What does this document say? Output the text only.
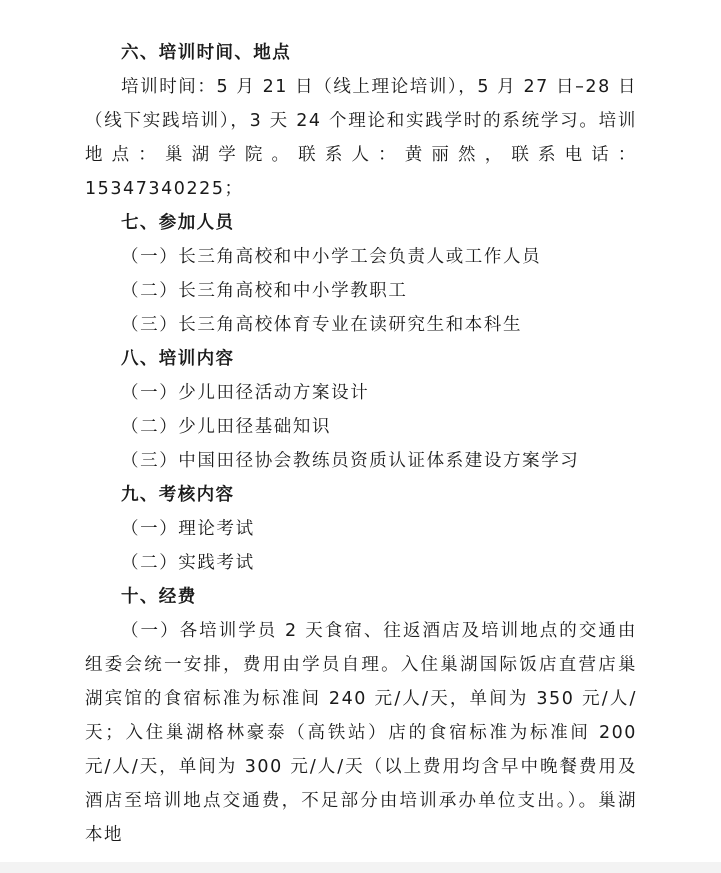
六、培训时间、地点

培训时间：5 月 21 日（线上理论培训），5 月 27 日–28 日（线下实践培训），3 天 24 个理论和实践学时的系统学习。培训地点：巢湖学院。联系人：黄丽然，联系电话：15347340225；

七、参加人员
（一）长三角高校和中小学工会负责人或工作人员
（二）长三角高校和中小学教职工
（三）长三角高校体育专业在读研究生和本科生
八、培训内容
（一）少儿田径活动方案设计
（二）少儿田径基础知识
（三）中国田径协会教练员资质认证体系建设方案学习
九、考核内容
（一）理论考试
（二）实践考试
十、经费

（一）各培训学员 2 天食宿、往返酒店及培训地点的交通由组委会统一安排，费用由学员自理。入住巢湖国际饭店直营店巢湖宾馆的食宿标准为标准间 240 元/人/天，单间为 350 元/人/天；入住巢湖格林豪泰（高铁站）店的食宿标准为标准间 200 元/人/天，单间为 300 元/人/天（以上费用均含早中晚餐费用及酒店至培训地点交通费，不足部分由培训承办单位支出。）。巢湖本地
